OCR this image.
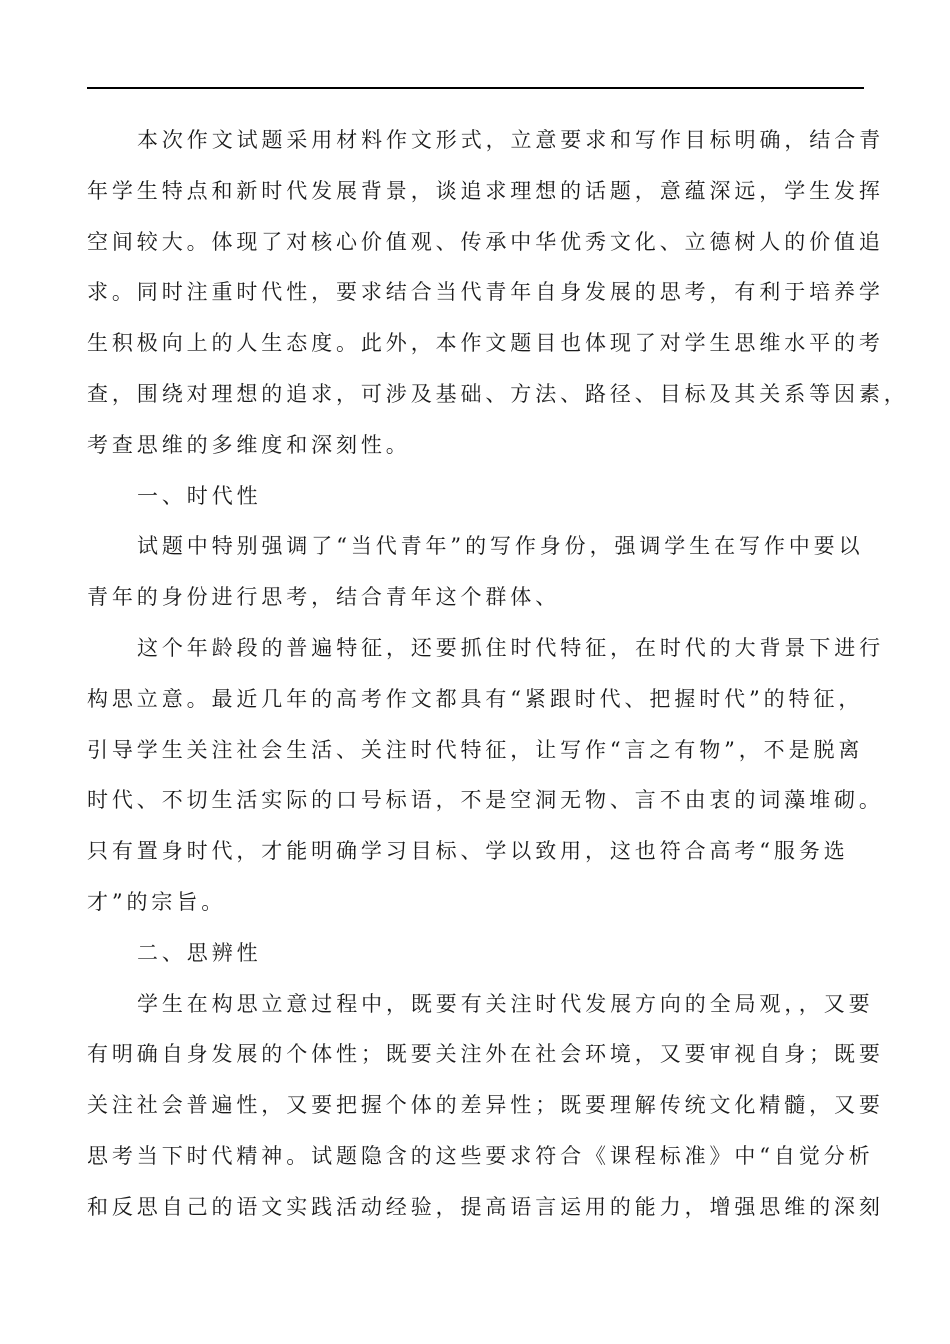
本次作文试题采用材料作文形式，立意要求和写作目标明确，结合青
年学生特点和新时代发展背景，谈追求理想的话题，意蕴深远，学生发挥
空间较大。体现了对核心价值观、传承中华优秀文化、立德树人的价值追
求。同时注重时代性，要求结合当代青年自身发展的思考，有利于培养学
生积极向上的人生态度。此外，本作文题目也体现了对学生思维水平的考
查，围绕对理想的追求，可涉及基础、方法、路径、目标及其关系等因素，
考查思维的多维度和深刻性。
一、时代性
试题中特别强调了“当代青年”的写作身份，强调学生在写作中要以
青年的身份进行思考，结合青年这个群体、
这个年龄段的普遍特征，还要抓住时代特征，在时代的大背景下进行
构思立意。最近几年的高考作文都具有“紧跟时代、把握时代”的特征，
引导学生关注社会生活、关注时代特征，让写作“言之有物”，不是脱离
时代、不切生活实际的口号标语，不是空洞无物、言不由衷的词藻堆砌。
只有置身时代，才能明确学习目标、学以致用，这也符合高考“服务选
才”的宗旨。
二、思辨性
学生在构思立意过程中，既要有关注时代发展方向的全局观，，又要
有明确自身发展的个体性；既要关注外在社会环境，又要审视自身；既要
关注社会普遍性，又要把握个体的差异性；既要理解传统文化精髓，又要
思考当下时代精神。试题隐含的这些要求符合《课程标准》中“自觉分析
和反思自己的语文实践活动经验，提高语言运用的能力，增强思维的深刻
